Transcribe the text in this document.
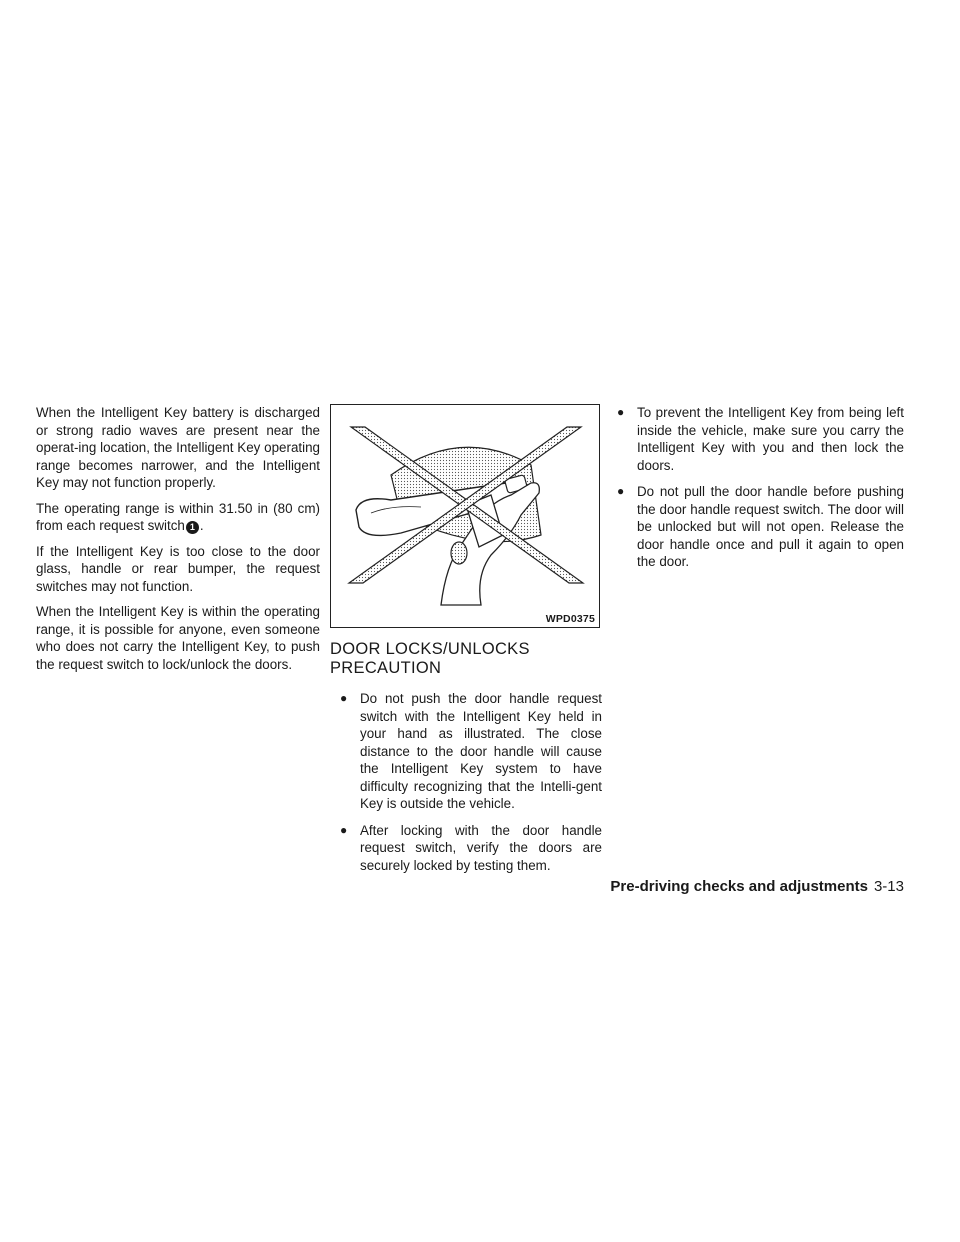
When the Intelligent Key battery is discharged or strong radio waves are present near the operat-ing location, the Intelligent Key operating range becomes narrower, and the Intelligent Key may not function properly.

The operating range is within 31.50 in (80 cm) from each request switch 1 .

If the Intelligent Key is too close to the door glass, handle or rear bumper, the request switches may not function.

When the Intelligent Key is within the operating range, it is possible for anyone, even someone who does not carry the Intelligent Key, to push the request switch to lock/unlock the doors.

WPD0375
DOOR LOCKS/UNLOCKS
PRECAUTION
● Do not push the door handle request switch with the Intelligent Key held in your hand as illustrated. The close distance to the door handle will cause the Intelligent Key system to have difficulty recognizing that the Intelli-gent Key is outside the vehicle.
● After locking with the door handle request switch, verify the doors are securely locked by testing them.
● To prevent the Intelligent Key from being left inside the vehicle, make sure you carry the Intelligent Key with you and then lock the doors.
● Do not pull the door handle before pushing the door handle request switch. The door will be unlocked but will not open. Release the door handle once and pull it again to open the door.
Pre-driving checks and adjustments 3-13
